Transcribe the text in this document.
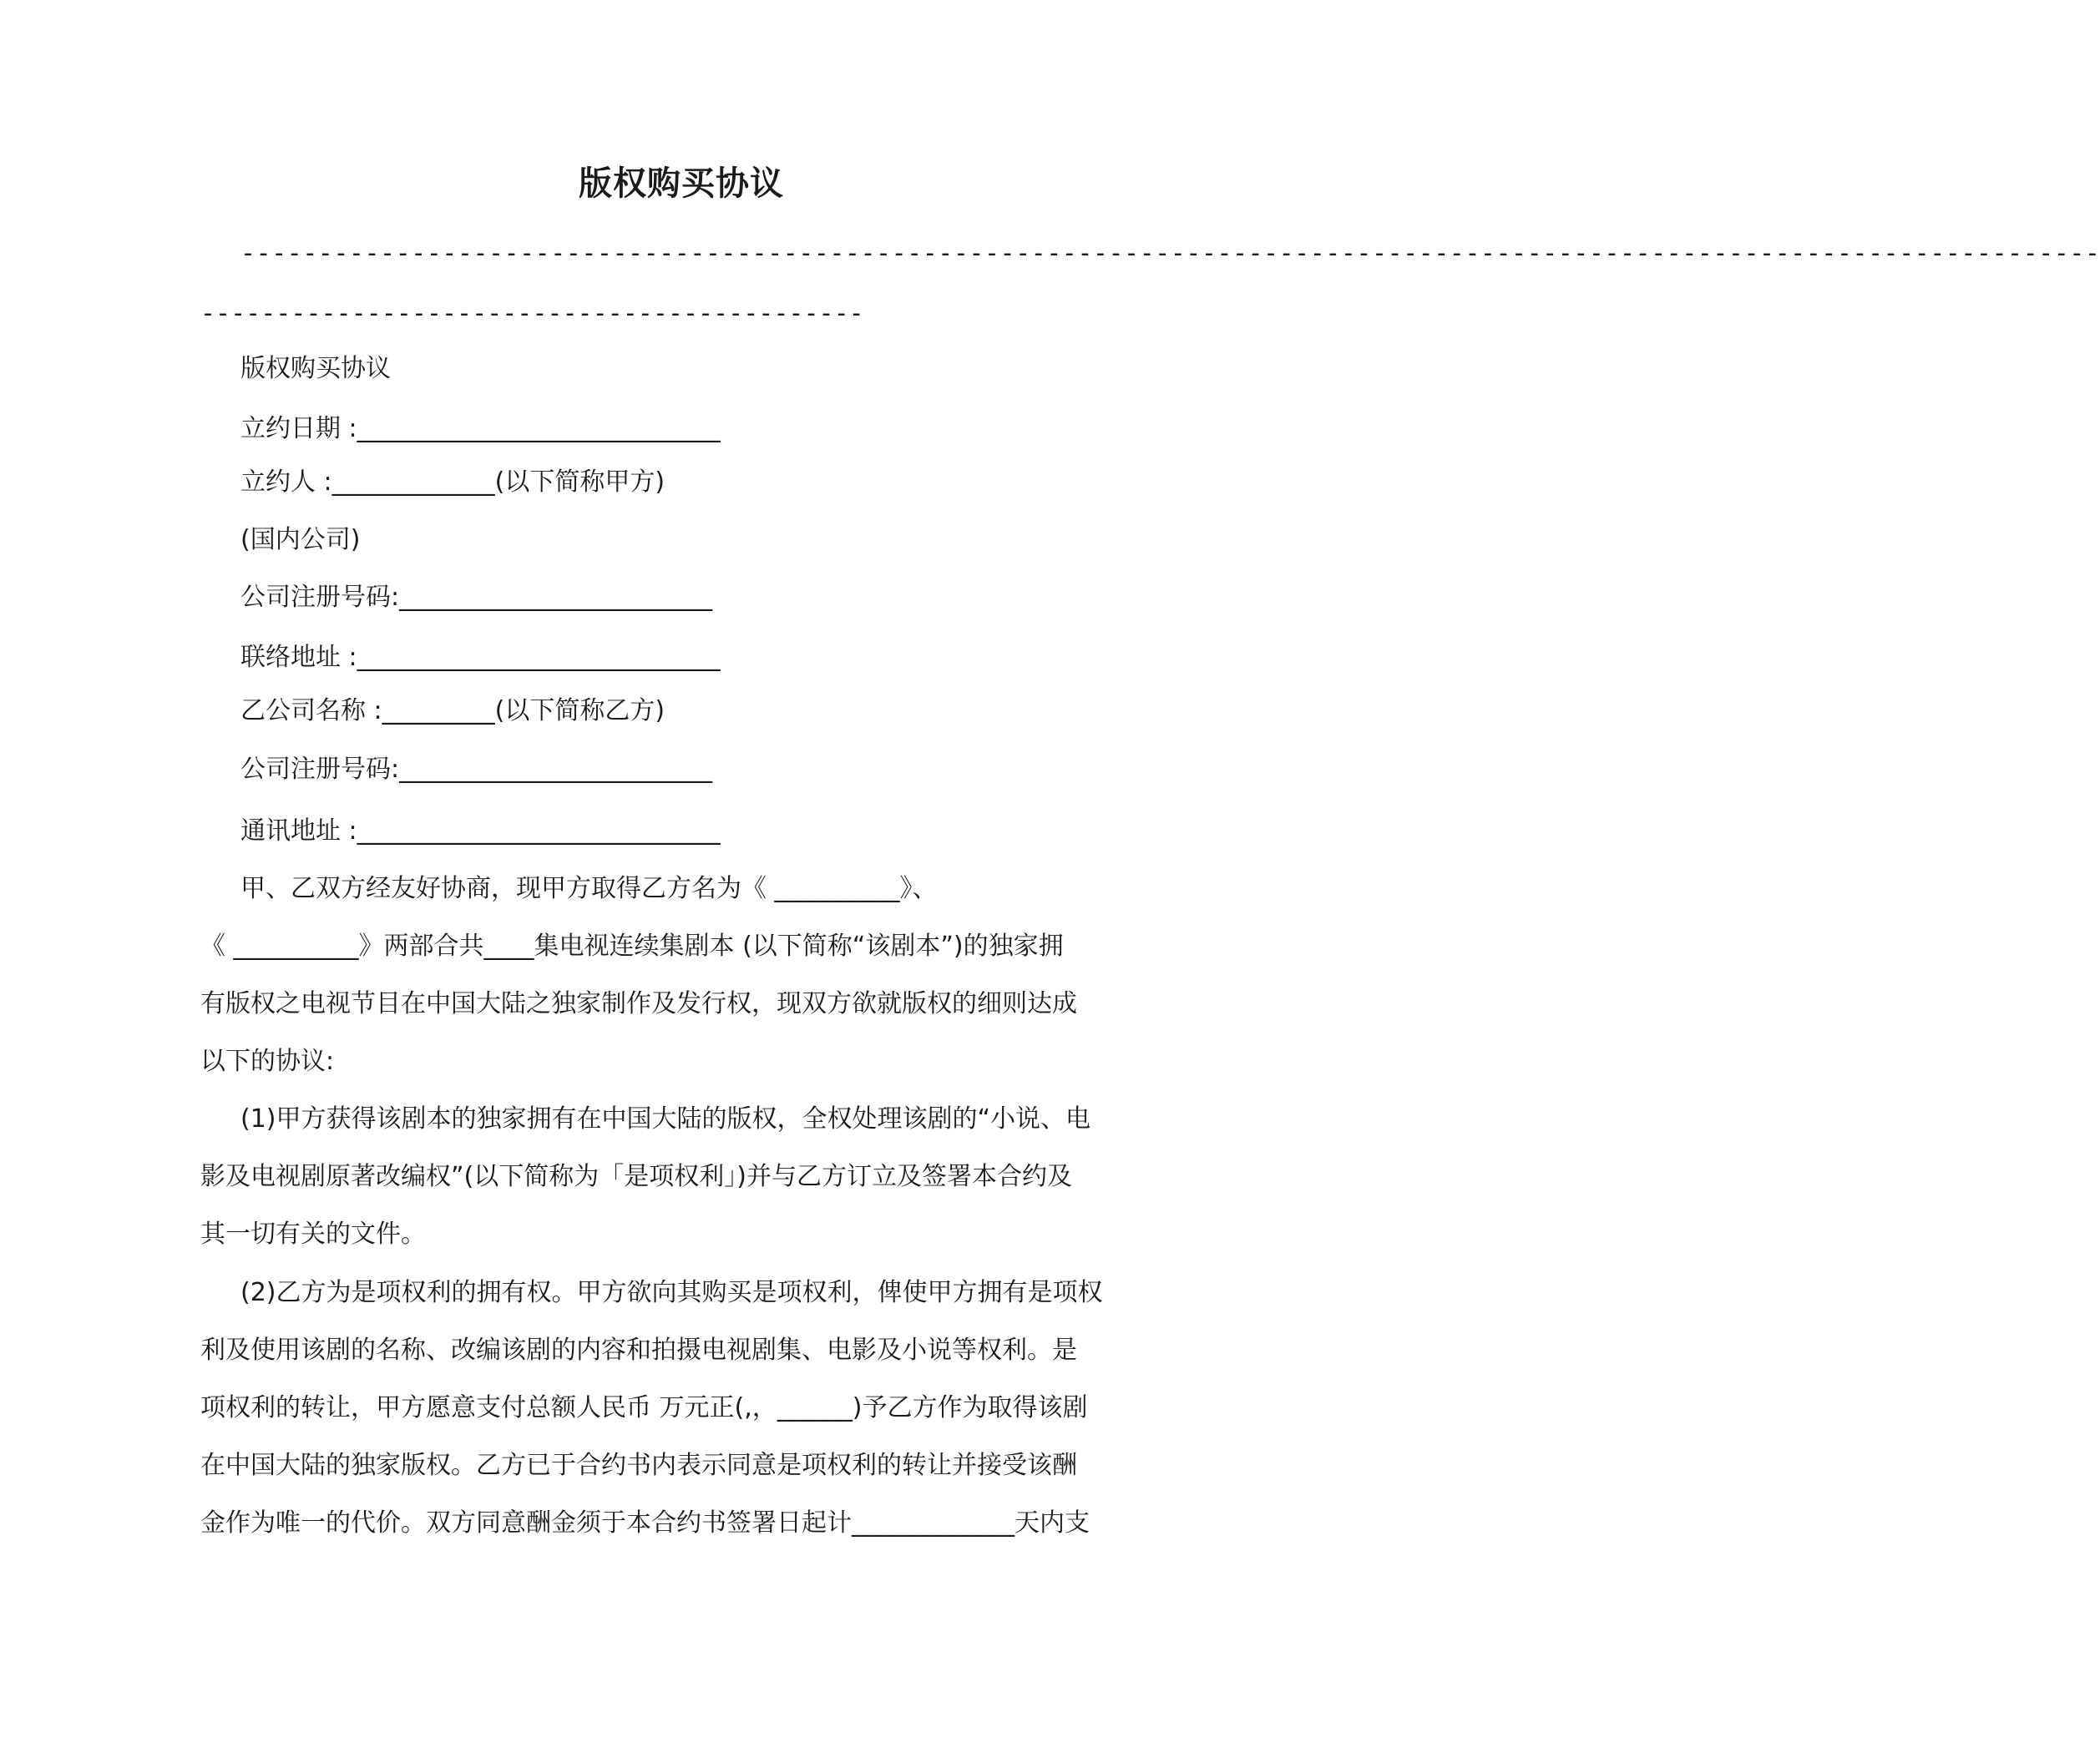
版权购买协议
------------------------------------------------------------------------------------------------------------------------
--------------------------------------------
版权购买协议
立约日期 :_____________________________
立约人 :_____________(以下简称甲方)
(国内公司)
公司注册号码:_________________________
联络地址 :_____________________________
乙公司名称 :_________(以下简称乙方)
公司注册号码:_________________________
通讯地址 :_____________________________
甲、乙双方经友好协商，现甲方取得乙方名为《 __________》、
《 __________》两部合共____集电视连续集剧本 (以下简称“该剧本”)的独家拥
有版权之电视节目在中国大陆之独家制作及发行权，现双方欲就版权的细则达成
以下的协议:
(1)甲方获得该剧本的独家拥有在中国大陆的版权，全权处理该剧的“小说、电
影及电视剧原著改编权”(以下简称为「是项权利」)并与乙方订立及签署本合约及
其一切有关的文件。
(2)乙方为是项权利的拥有权。甲方欲向其购买是项权利，俾使甲方拥有是项权
利及使用该剧的名称、改编该剧的内容和拍摄电视剧集、电影及小说等权利。是
项权利的转让，甲方愿意支付总额人民币 万元正(,，______)予乙方作为取得该剧
在中国大陆的独家版权。乙方已于合约书内表示同意是项权利的转让并接受该酬
金作为唯一的代价。双方同意酬金须于本合约书签署日起计_____________天内支
